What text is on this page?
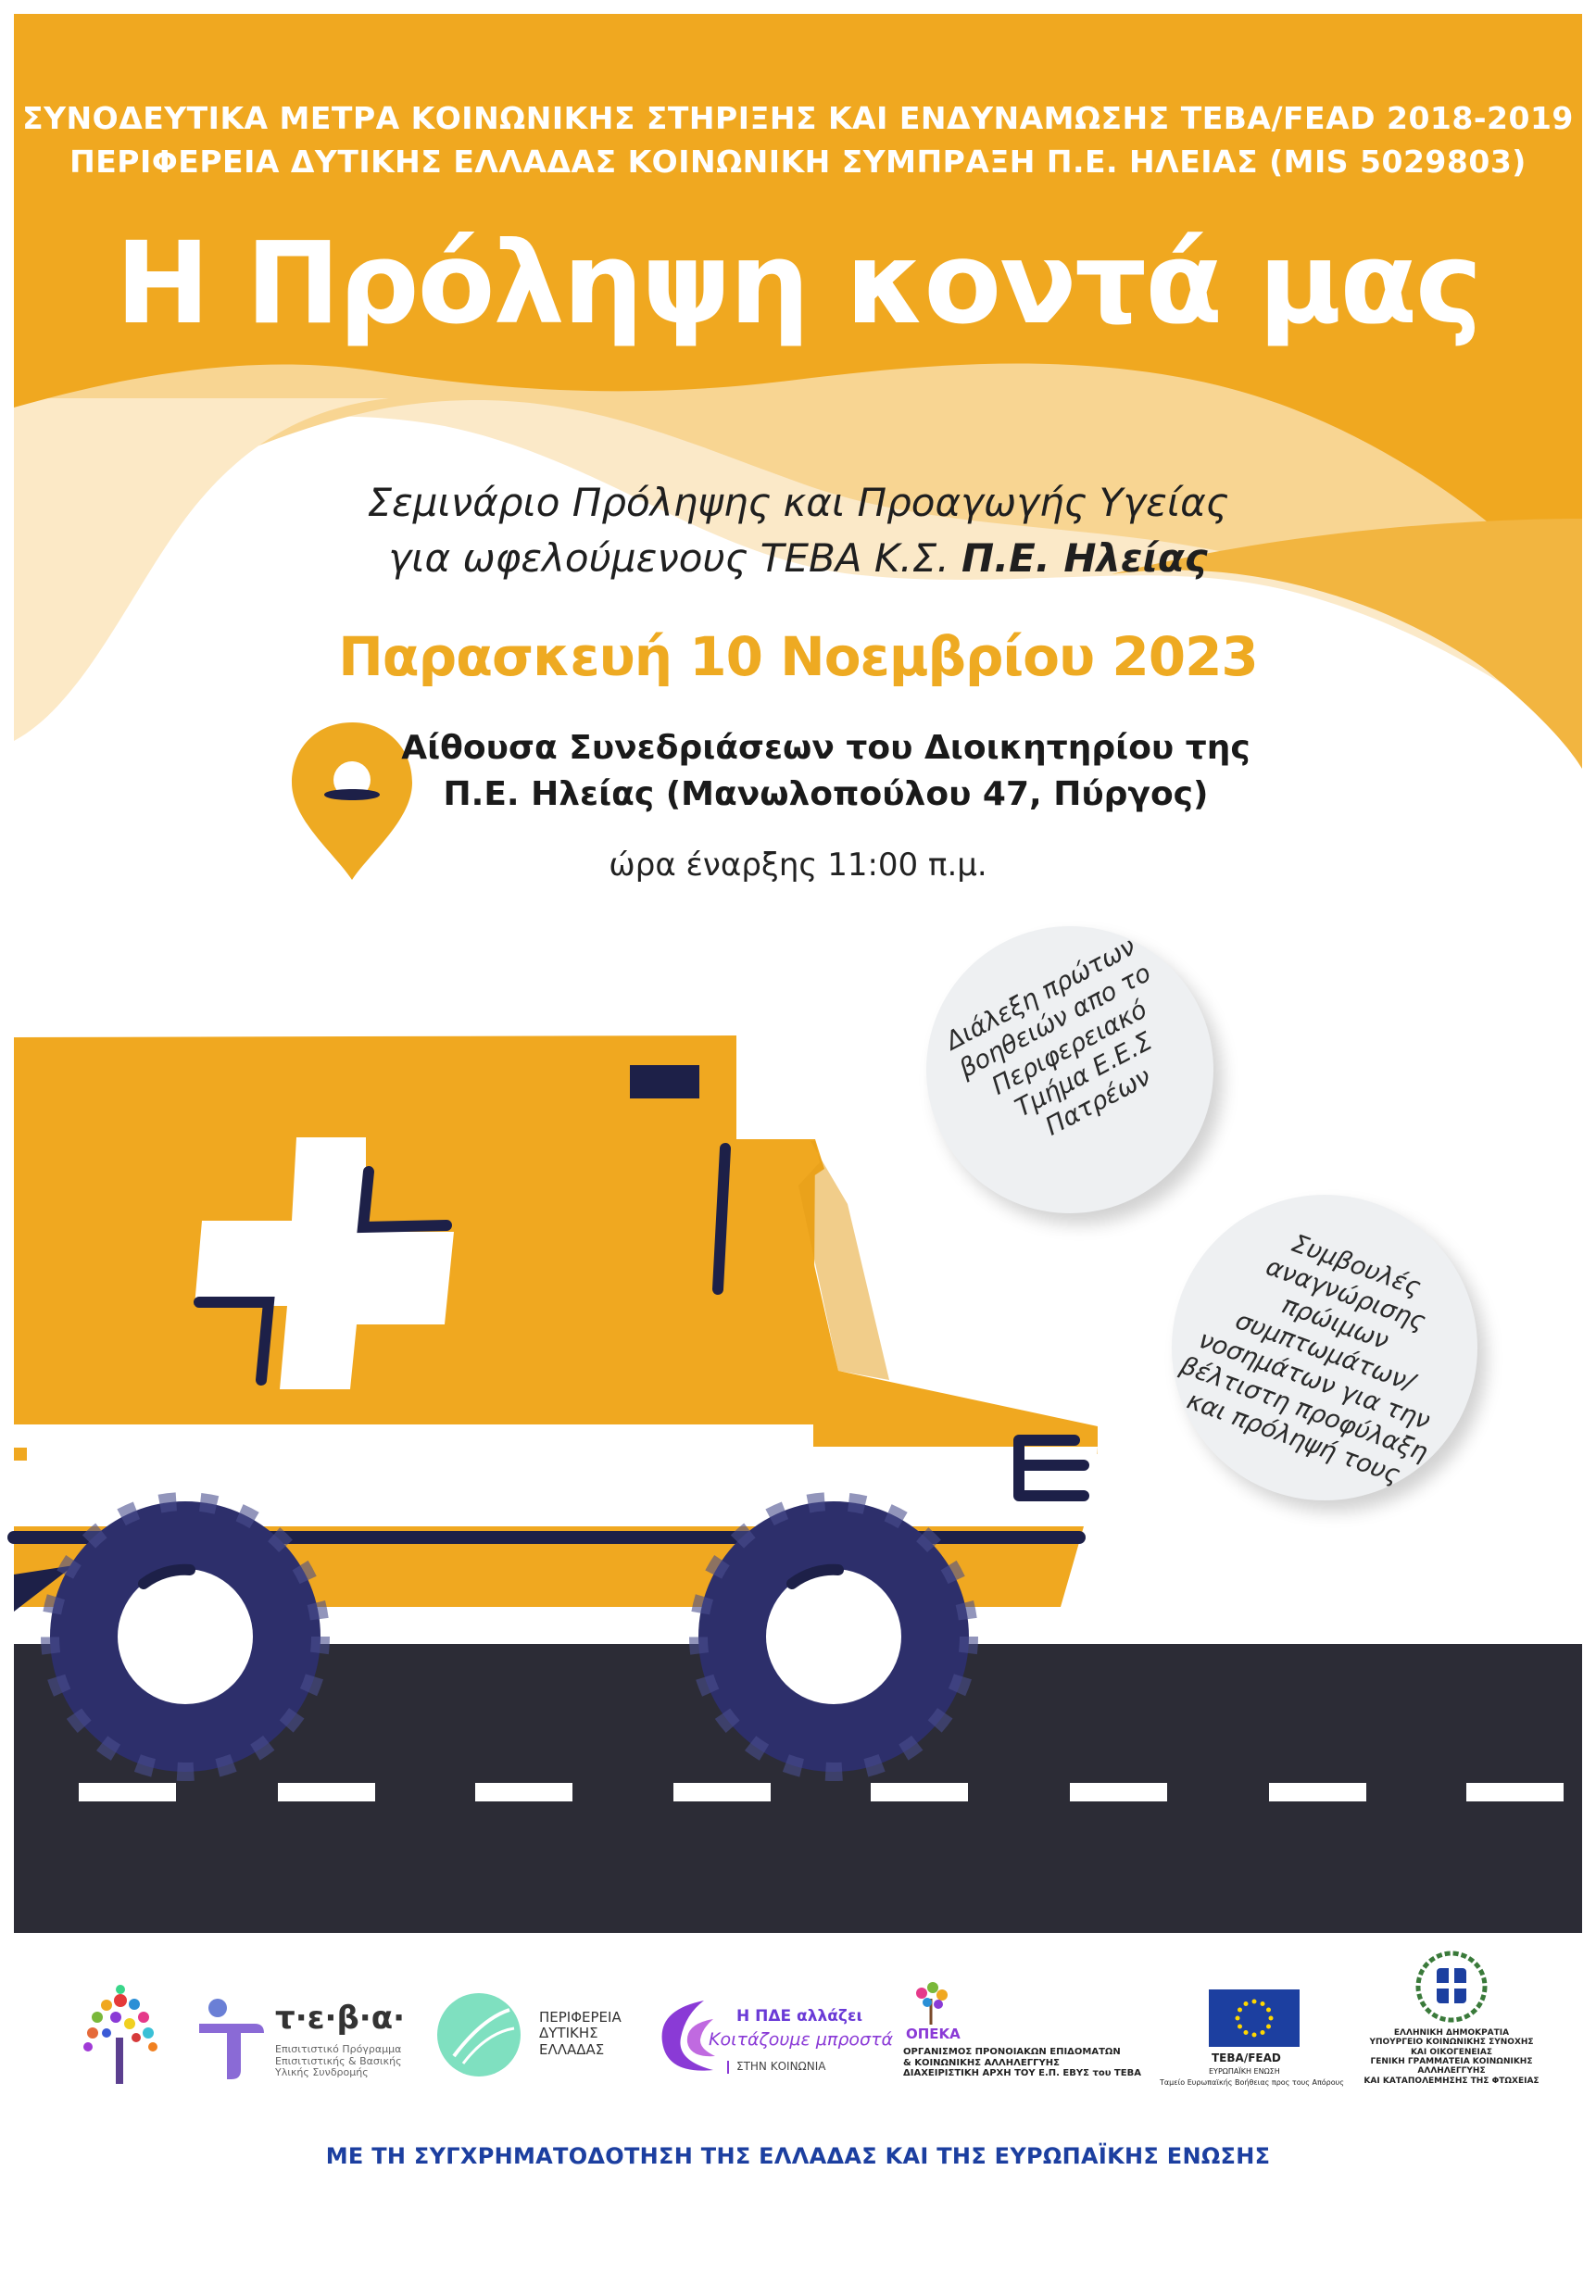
ΣΥΝΟΔΕΥΤΙΚΑ ΜΕΤΡΑ ΚΟΙΝΩΝΙΚΗΣ ΣΤΗΡΙΞΗΣ ΚΑΙ ΕΝΔΥΝΑΜΩΣΗΣ ΤΕΒΑ/FEAD 2018-2019
ΠΕΡΙΦΕΡΕΙΑ ΔΥΤΙΚΗΣ ΕΛΛΑΔΑΣ ΚΟΙΝΩΝΙΚΗ ΣΥΜΠΡΑΞΗ Π.Ε. ΗΛΕΙΑΣ (MIS 5029803)
Η Πρόληψη κοντά μας
Σεμινάριο Πρόληψης και Προαγωγής Υγείας
για ωφελούμενους ΤΕΒΑ Κ.Σ. Π.Ε. Ηλείας
Παρασκευή 10 Νοεμβρίου 2023
Αίθουσα Συνεδριάσεων του Διοικητηρίου της
Π.Ε. Ηλείας (Μανωλοπούλου 47, Πύργος)
ώρα έναρξης 11:00 π.μ.
Διάλεξη πρώτων
βοηθειών απο το
Περιφερειακό
Τμήμα Ε.Ε.Σ
Πατρέων
Συμβουλές
αναγνώρισης πρώιμων
συμπτωμάτων/
νοσημάτων για την
βέλτιστη προφύλαξη
και πρόληψή τους
τ·ε·β·α·
Επισιτιστικό Πρόγραμμα
Επισιτιστικής & Βασικής
Υλικής Συνδρομής
ΠΕΡΙΦΕΡΕΙΑ
ΔΥΤΙΚΗΣ
ΕΛΛΑΔΑΣ
Η ΠΔΕ αλλάζει
Κοιτάζουμε μπροστά
ΣΤΗΝ ΚΟΙΝΩΝΙΑ
ΟΠΕΚΑ
ΟΡΓΑΝΙΣΜΟΣ ΠΡΟΝΟΙΑΚΩΝ ΕΠΙΔΟΜΑΤΩΝ
& ΚΟΙΝΩΝΙΚΗΣ ΑΛΛΗΛΕΓΓΥΗΣ
ΔΙΑΧΕΙΡΙΣΤΙΚΗ ΑΡΧΗ ΤΟΥ Ε.Π. ΕΒΥΣ του ΤΕΒΑ
ΤΕΒΑ/FEAD
ΕΥΡΩΠΑΪΚΗ ΕΝΩΣΗ
Ταμείο Ευρωπαϊκής Βοήθειας προς τους Απόρους
ΕΛΛΗΝΙΚΗ ΔΗΜΟΚΡΑΤΙΑ
ΥΠΟΥΡΓΕΙΟ ΚΟΙΝΩΝΙΚΗΣ ΣΥΝΟΧΗΣ
ΚΑΙ ΟΙΚΟΓΕΝΕΙΑΣ
ΓΕΝΙΚΗ ΓΡΑΜΜΑΤΕΙΑ ΚΟΙΝΩΝΙΚΗΣ
ΑΛΛΗΛΕΓΓΥΗΣ
ΚΑΙ ΚΑΤΑΠΟΛΕΜΗΣΗΣ ΤΗΣ ΦΤΩΧΕΙΑΣ
ΜΕ ΤΗ ΣΥΓΧΡΗΜΑΤΟΔΟΤΗΣΗ ΤΗΣ ΕΛΛΑΔΑΣ ΚΑΙ ΤΗΣ ΕΥΡΩΠΑΪΚΗΣ ΕΝΩΣΗΣ
